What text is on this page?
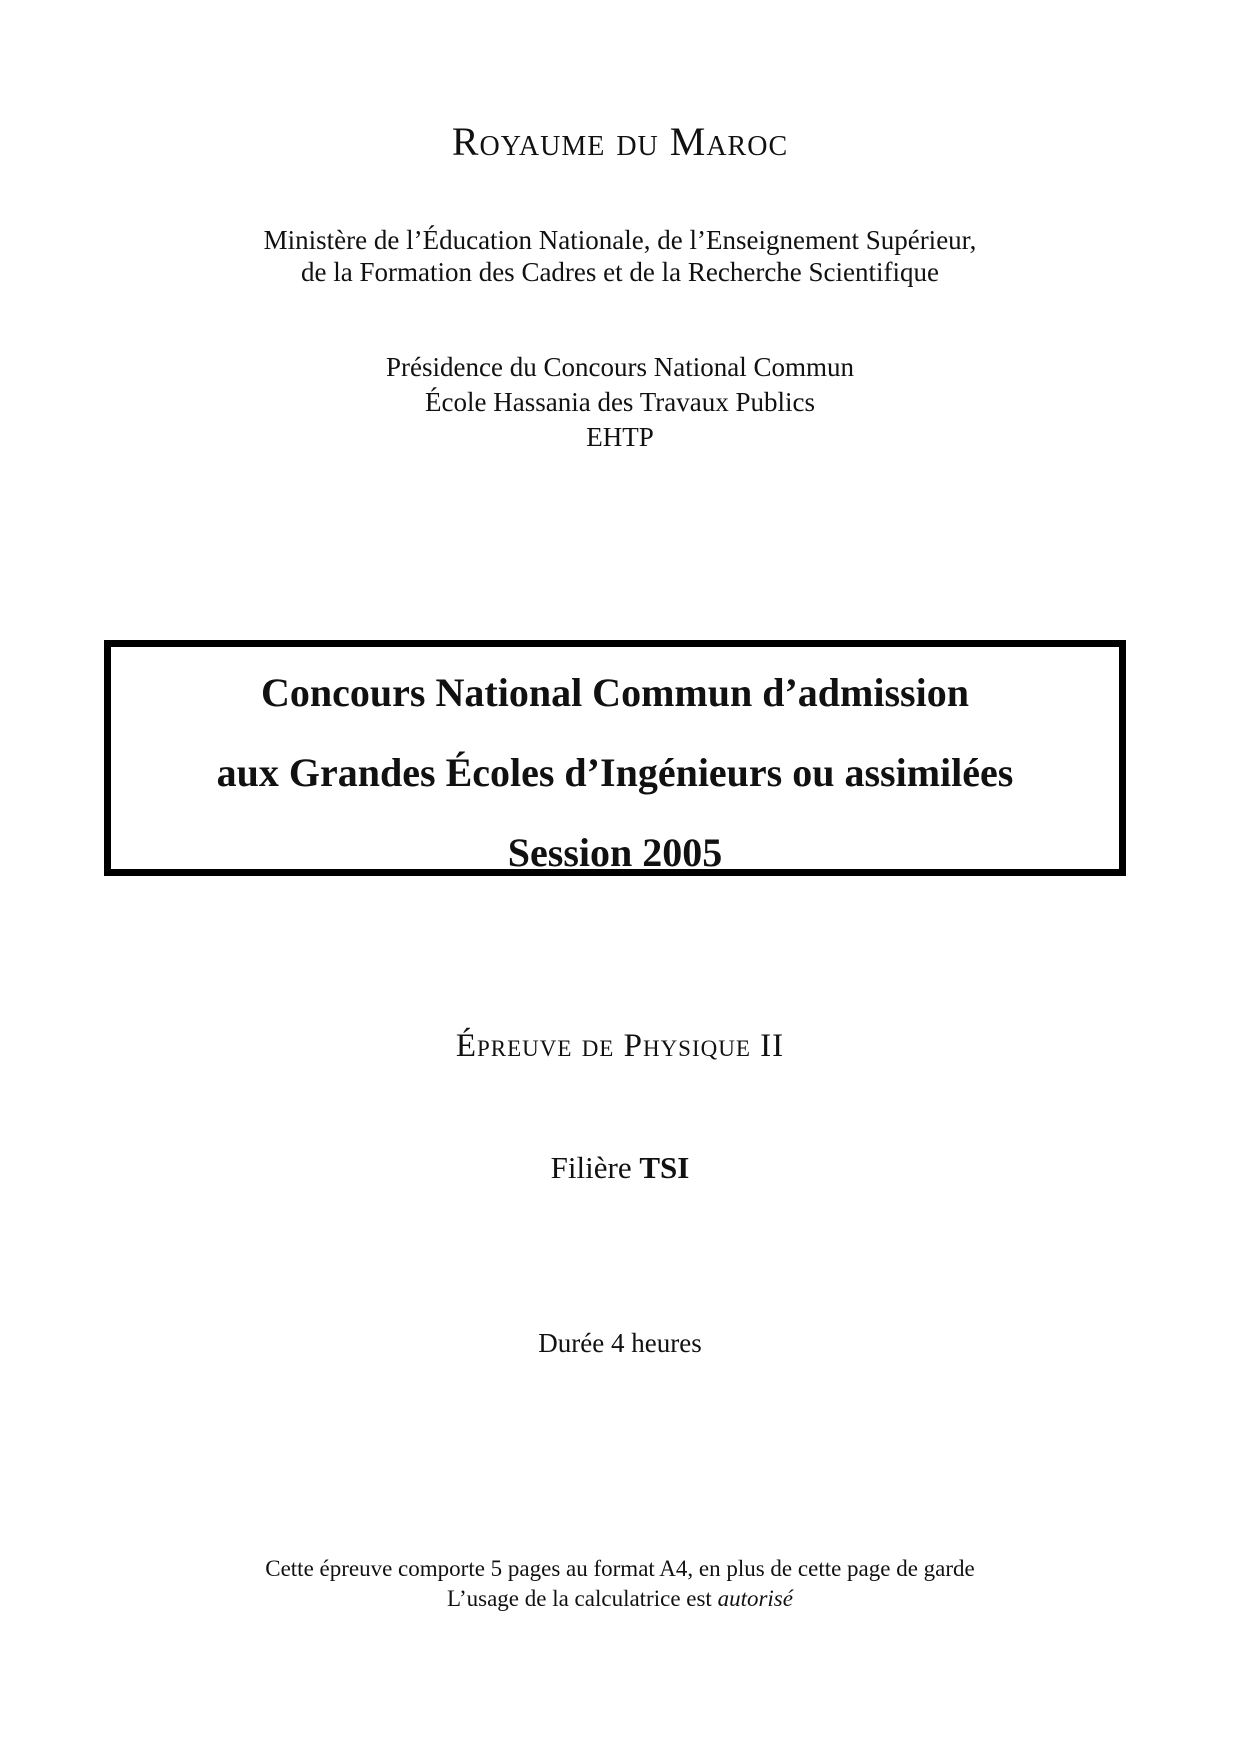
Royaume du Maroc
Ministère de l’Éducation Nationale, de l’Enseignement Supérieur,
de la Formation des Cadres et de la Recherche Scientifique
Présidence du Concours National Commun
École Hassania des Travaux Publics
EHTP
Concours National Commun d’admission
aux Grandes Écoles d’Ingénieurs ou assimilées
Session 2005
Épreuve de Physique II
Filière TSI
Durée 4 heures
Cette épreuve comporte 5 pages au format A4, en plus de cette page de garde
L’usage de la calculatrice est autorisé
